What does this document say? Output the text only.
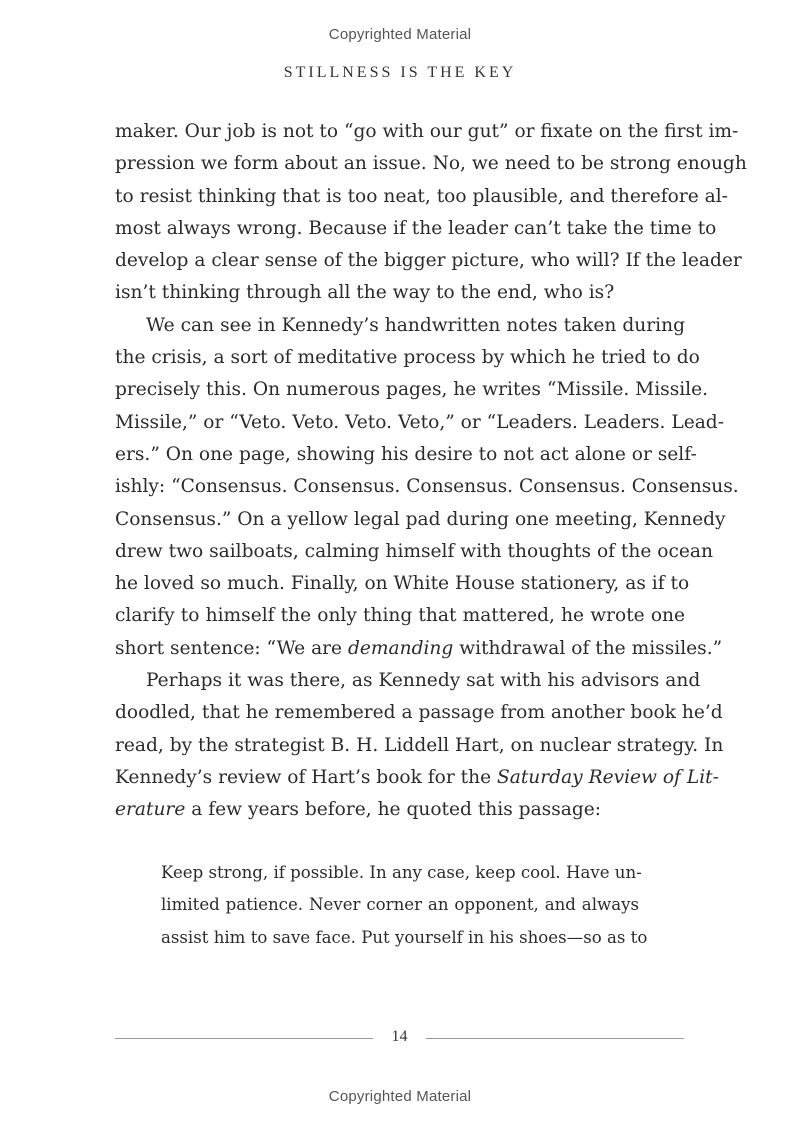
Copyrighted Material
STILLNESS IS THE KEY
maker. Our job is not to “go with our gut” or fixate on the first im-
pression we form about an issue. No, we need to be strong enough
to resist thinking that is too neat, too plausible, and therefore al-
most always wrong. Because if the leader can’t take the time to
develop a clear sense of the bigger picture, who will? If the leader
isn’t thinking through all the way to the end, who is?
We can see in Kennedy’s handwritten notes taken during
the crisis, a sort of meditative process by which he tried to do
precisely this. On numerous pages, he writes “Missile. Missile.
Missile,” or “Veto. Veto. Veto. Veto,” or “Leaders. Leaders. Lead-
ers.” On one page, showing his desire to not act alone or self-
ishly: “Consensus. Consensus. Consensus. Consensus. Consensus.
Consensus.” On a yellow legal pad during one meeting, Kennedy
drew two sailboats, calming himself with thoughts of the ocean
he loved so much. Finally, on White House stationery, as if to
clarify to himself the only thing that mattered, he wrote one
short sentence: “We are demanding withdrawal of the missiles.”
Perhaps it was there, as Kennedy sat with his advisors and
doodled, that he remembered a passage from another book he’d
read, by the strategist B. H. Liddell Hart, on nuclear strategy. In
Kennedy’s review of Hart’s book for the Saturday Review of Lit-
erature a few years before, he quoted this passage:
Keep strong, if possible. In any case, keep cool. Have un-
limited patience. Never corner an opponent, and always
assist him to save face. Put yourself in his shoes—so as to
14
Copyrighted Material
